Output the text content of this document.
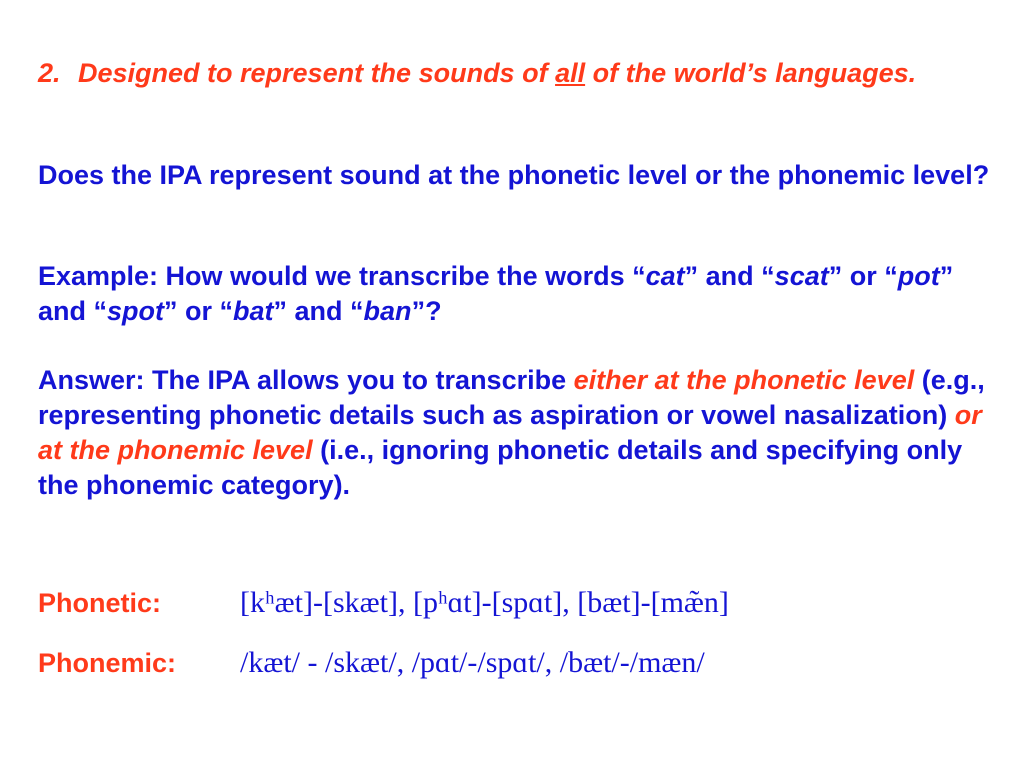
2. Designed to represent the sounds of all of the world’s languages.
Does the IPA represent sound at the phonetic level or the phonemic level?
Example: How would we transcribe the words “cat” and “scat” or “pot” and “spot” or “bat” and “ban”?
Answer: The IPA allows you to transcribe either at the phonetic level (e.g., representing phonetic details such as aspiration or vowel nasalization) or at the phonemic level (i.e., ignoring phonetic details and specifying only the phonemic category).
Phonetic:	[kʰæt]-[skæt], [pʰɑt]-[spɑt], [bæt]-[mæ̃n]
Phonemic: /kæt/ - /skæt/, /pɑt/-/spɑt/, /bæt/-/mæn/
